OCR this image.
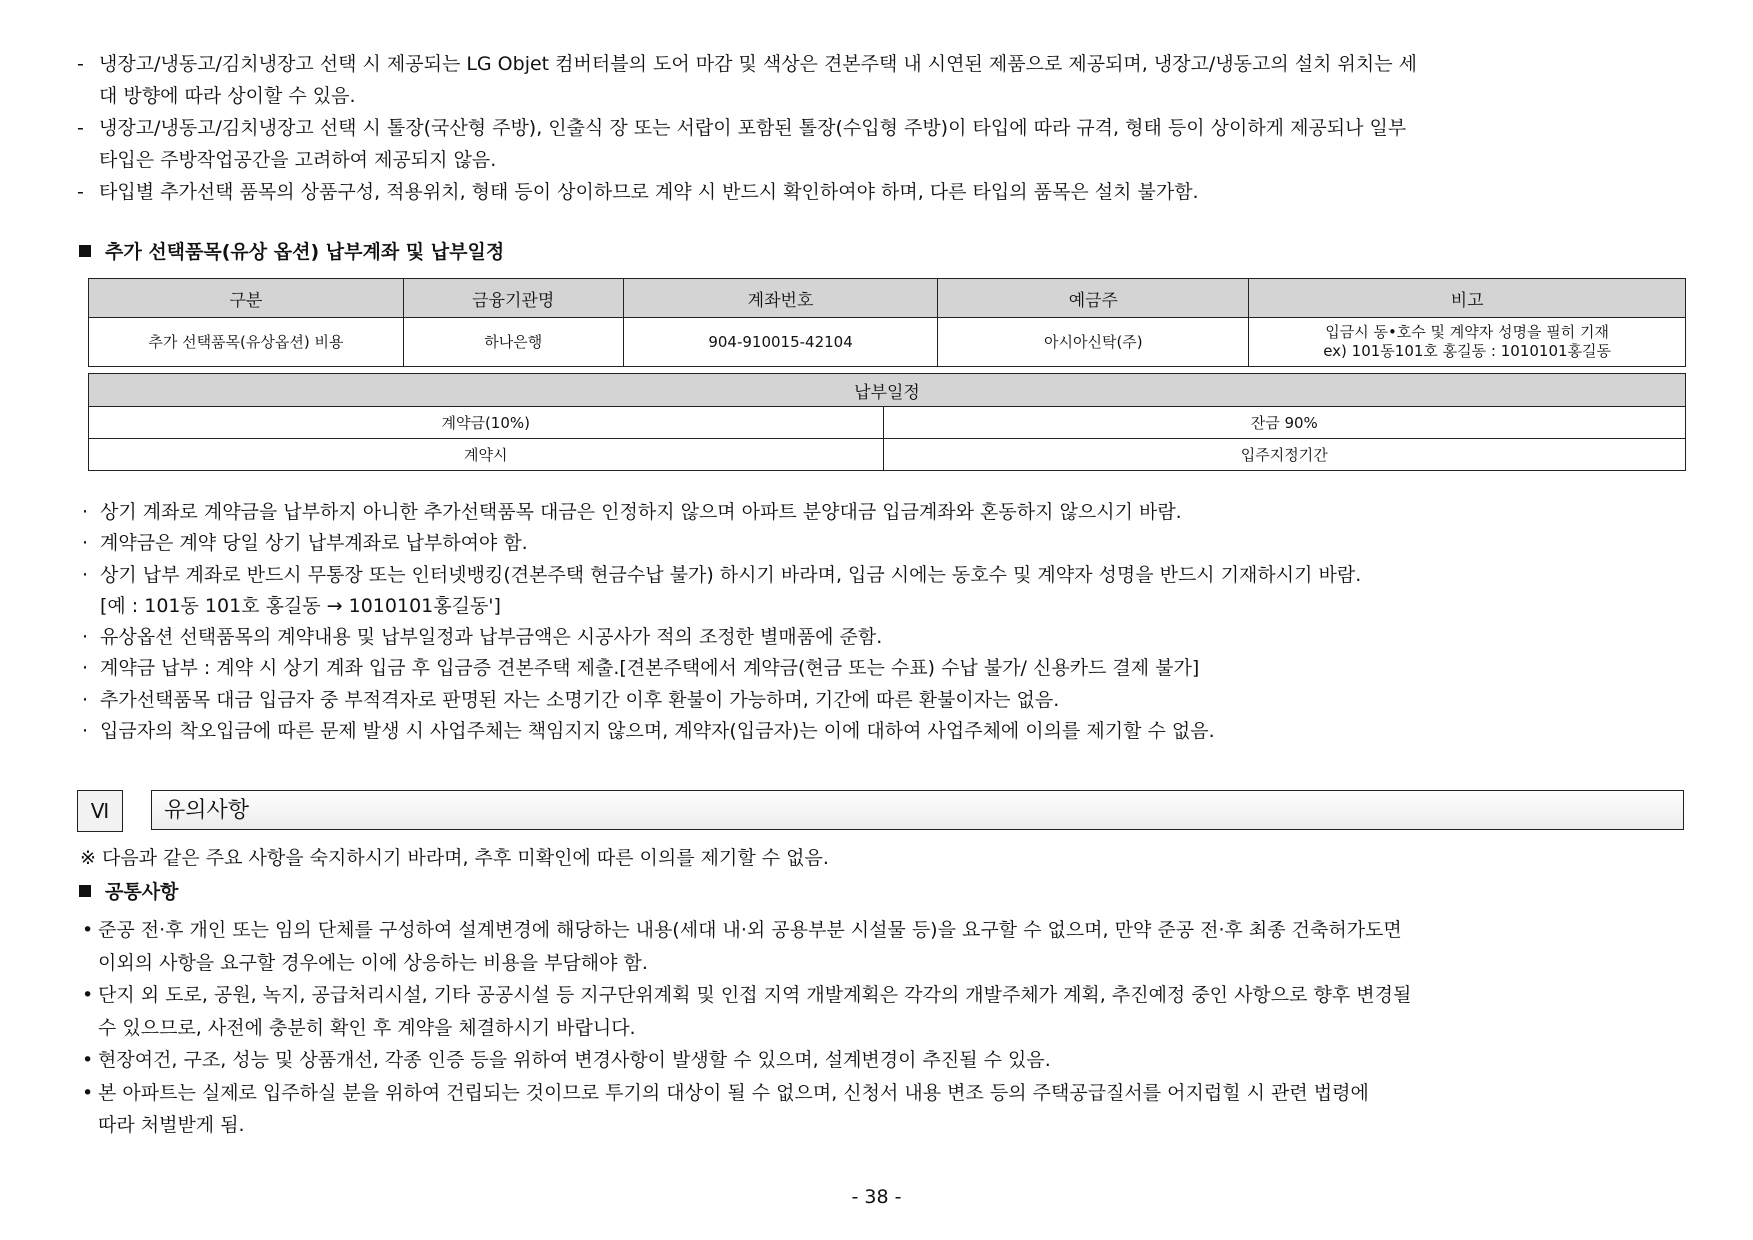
- 냉장고/냉동고/김치냉장고 선택 시 제공되는 LG Objet 컴버터블의 도어 마감 및 색상은 견본주택 내 시연된 제품으로 제공되며, 냉장고/냉동고의 설치 위치는 세
대 방향에 따라 상이할 수 있음.
- 냉장고/냉동고/김치냉장고 선택 시 톨장(국산형 주방), 인출식 장 또는 서랍이 포함된 톨장(수입형 주방)이 타입에 따라 규격, 형태 등이 상이하게 제공되나 일부
타입은 주방작업공간을 고려하여 제공되지 않음.
- 타입별 추가선택 품목의 상품구성, 적용위치, 형태 등이 상이하므로 계약 시 반드시 확인하여야 하며, 다른 타입의 품목은 설치 불가함.
추가 선택품목(유상 옵션) 납부계좌 및 납부일정
구분	금융기관명	계좌번호	예금주	비고
추가 선택품목(유상옵션) 비용	하나은행	904-910015-42104	아시아신탁(주)	입금시 동•호수 및 계약자 성명을 필히 기재
ex) 101동101호 홍길동 : 1010101홍길동
납부일정	
계약금(10%)	잔금 90%
계약시	입주지정기간
· 상기 계좌로 계약금을 납부하지 아니한 추가선택품목 대금은 인정하지 않으며 아파트 분양대금 입금계좌와 혼동하지 않으시기 바람.
· 계약금은 계약 당일 상기 납부계좌로 납부하여야 함.
· 상기 납부 계좌로 반드시 무통장 또는 인터넷뱅킹(견본주택 현금수납 불가) 하시기 바라며, 입금 시에는 동호수 및 계약자 성명을 반드시 기재하시기 바람.
[예 : 101동 101호 홍길동 → 1010101홍길동']
· 유상옵션 선택품목의 계약내용 및 납부일정과 납부금액은 시공사가 적의 조정한 별매품에 준함.
· 계약금 납부 : 계약 시 상기 계좌 입금 후 입금증 견본주택 제출.[견본주택에서 계약금(현금 또는 수표) 수납 불가/ 신용카드 결제 불가]
· 추가선택품목 대금 입금자 중 부적격자로 판명된 자는 소명기간 이후 환불이 가능하며, 기간에 따른 환불이자는 없음.
· 입금자의 착오입금에 따른 문제 발생 시 사업주체는 책임지지 않으며, 계약자(입금자)는 이에 대하여 사업주체에 이의를 제기할 수 없음.
Ⅵ	유의사항
※ 다음과 같은 주요 사항을 숙지하시기 바라며, 추후 미확인에 따른 이의를 제기할 수 없음.
공통사항
• 준공 전·후 개인 또는 임의 단체를 구성하여 설계변경에 해당하는 내용(세대 내·외 공용부분 시설물 등)을 요구할 수 없으며, 만약 준공 전·후 최종 건축허가도면
이외의 사항을 요구할 경우에는 이에 상응하는 비용을 부담해야 함.
• 단지 외 도로, 공원, 녹지, 공급처리시설, 기타 공공시설 등 지구단위계획 및 인접 지역 개발계획은 각각의 개발주체가 계획, 추진예정 중인 사항으로 향후 변경될
수 있으므로, 사전에 충분히 확인 후 계약을 체결하시기 바랍니다.
• 현장여건, 구조, 성능 및 상품개선, 각종 인증 등을 위하여 변경사항이 발생할 수 있으며, 설계변경이 추진될 수 있음.
• 본 아파트는 실제로 입주하실 분을 위하여 건립되는 것이므로 투기의 대상이 될 수 없으며, 신청서 내용 변조 등의 주택공급질서를 어지럽힐 시 관련 법령에
따라 처벌받게 됨.
- 38 -
